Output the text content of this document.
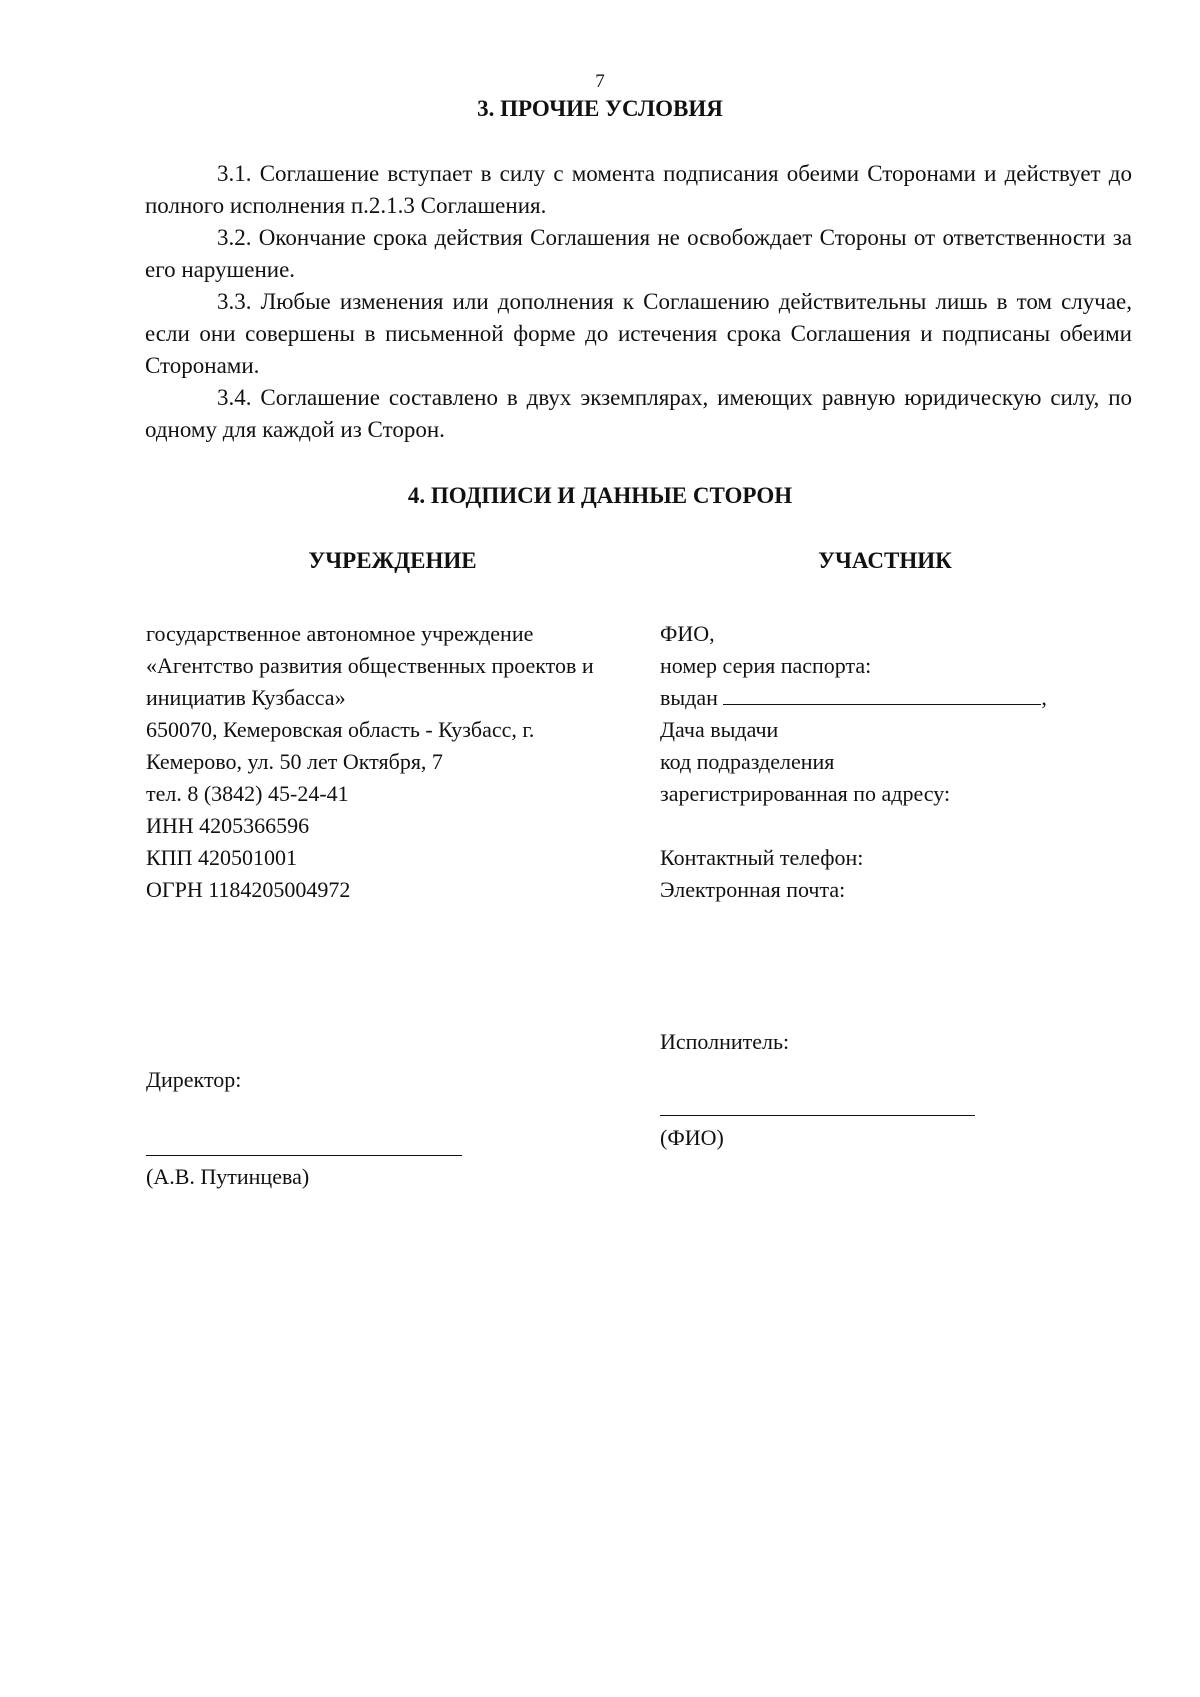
7
3. ПРОЧИЕ УСЛОВИЯ

3.1. Соглашение вступает в силу с момента подписания обеими Сторонами и действует до полного исполнения п.2.1.3 Соглашения.

3.2. Окончание срока действия Соглашения не освобождает Стороны от ответственности за его нарушение.

3.3. Любые изменения или дополнения к Соглашению действительны лишь в том случае, если они совершены в письменной форме до истечения срока Соглашения и подписаны обеими Сторонами.

3.4. Соглашение составлено в двух экземплярах, имеющих равную юридическую силу, по одному для каждой из Сторон.

4. ПОДПИСИ И ДАННЫЕ СТОРОН
УЧРЕЖДЕНИЕ	УЧАСТНИК
государственное автономное учреждение
«Агентство развития общественных проектов и
инициатив Кузбасса»
650070, Кемеровская область - Кузбасс, г.
Кемерово, ул. 50 лет Октября, 7
тел. 8 (3842) 45-24-41
ИНН 4205366596
КПП 420501001
ОГРН 1184205004972
ФИО,
номер серия паспорта:
выдан	,
Дача выдачи
код подразделения
зарегистрированная по адресу:
Контактный телефон:
Электронная почта:
Исполнитель:
Директор:
(ФИО)
(А.В. Путинцева)
